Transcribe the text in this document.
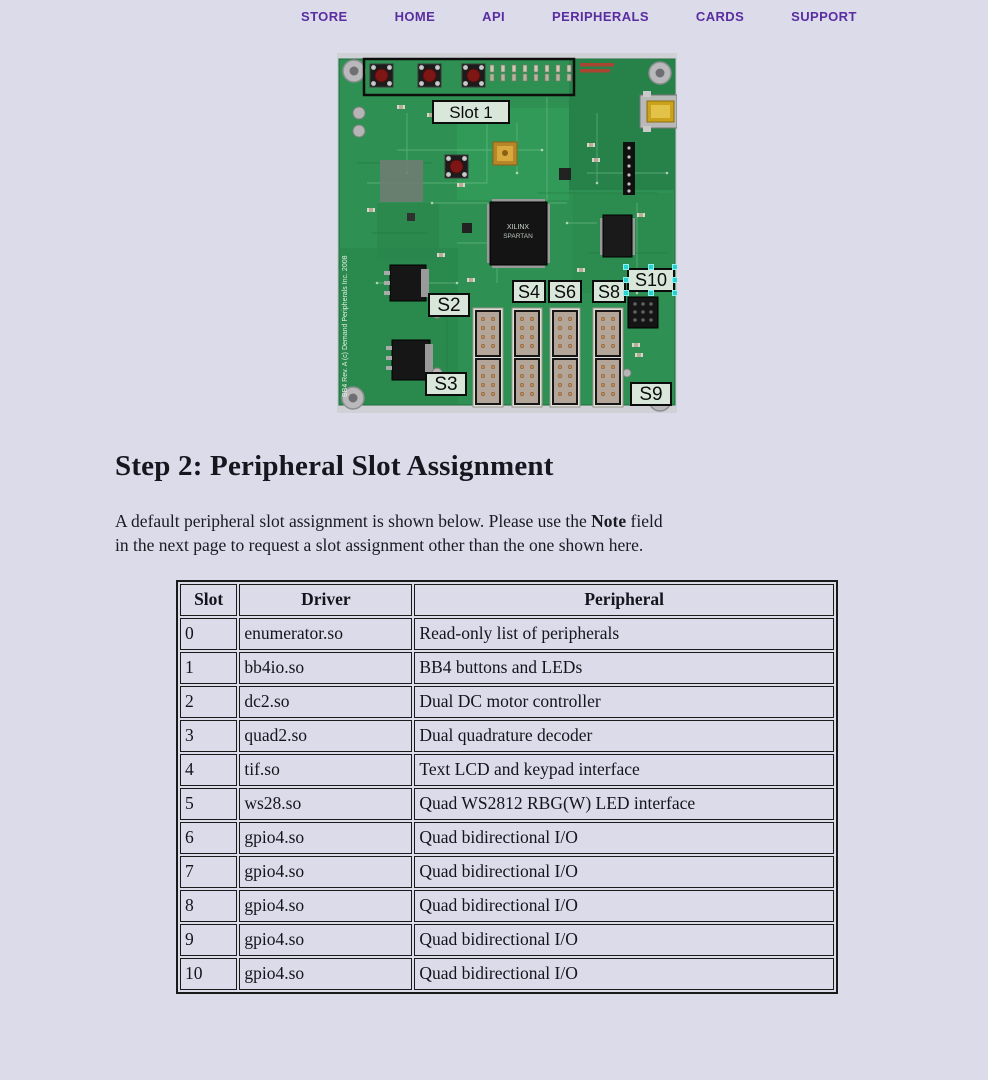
STORE	HOME	API	PERIPHERALS	CARDS	SUPPORT
XILINX
SPARTAN
BB4 Rev. A (c) Demand Peripherals Inc. 2008
Slot 1
S2
S3
S4 S6	S8
S9
S10
Step 2: Peripheral Slot Assignment

A default peripheral slot assignment is shown below. Please use the Note field
in the next page to request a slot assignment other than the one shown here.

Slot	Driver	Peripheral
0	enumerator.so	Read-only list of peripherals
1	bb4io.so	BB4 buttons and LEDs
2	dc2.so	Dual DC motor controller
3	quad2.so	Dual quadrature decoder
4	tif.so	Text LCD and keypad interface
5	ws28.so	Quad WS2812 RBG(W) LED interface
6	gpio4.so	Quad bidirectional I/O
7	gpio4.so	Quad bidirectional I/O
8	gpio4.so	Quad bidirectional I/O
9	gpio4.so	Quad bidirectional I/O
10	gpio4.so	Quad bidirectional I/O
